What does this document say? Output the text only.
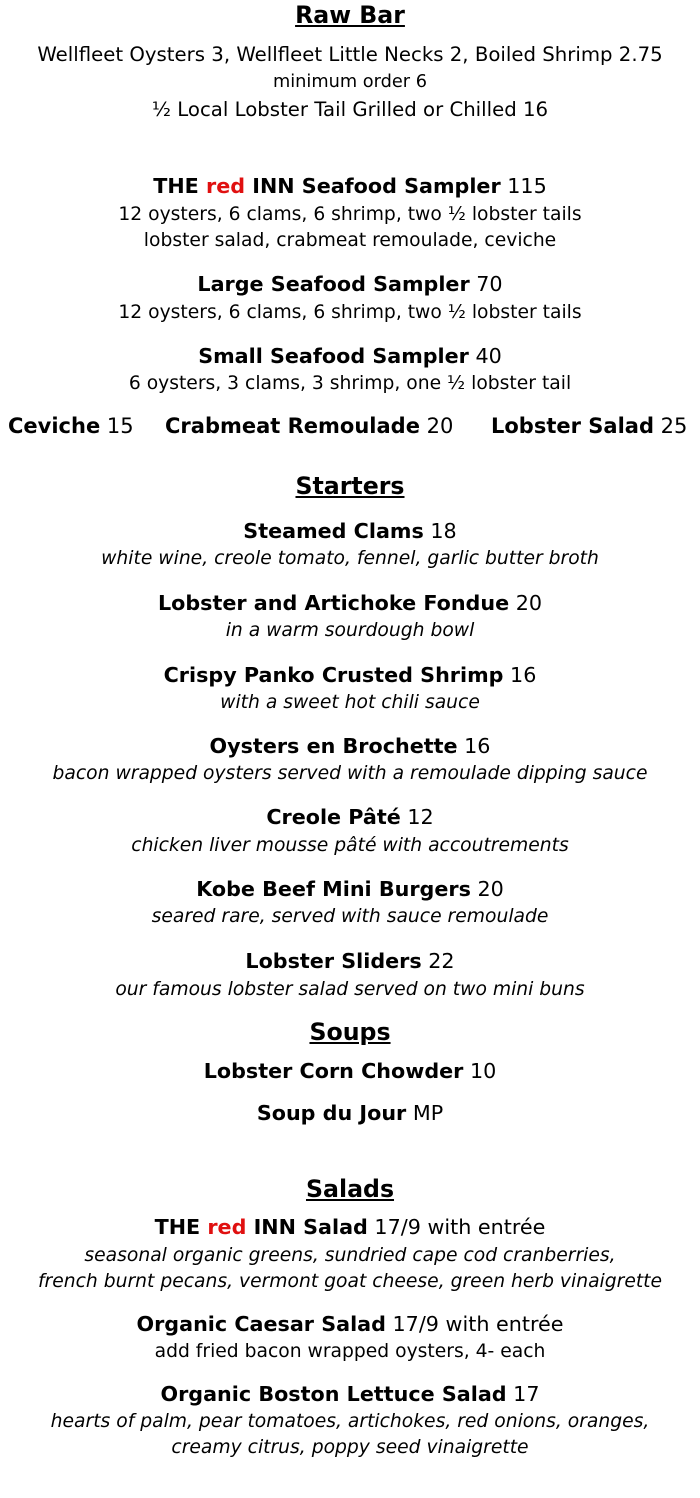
Raw Bar
Wellfleet Oysters 3, Wellfleet Little Necks 2, Boiled Shrimp 2.75
minimum order 6
½ Local Lobster Tail Grilled or Chilled 16
THE red INN Seafood Sampler 115
12 oysters, 6 clams, 6 shrimp, two ½ lobster tails
lobster salad, crabmeat remoulade, ceviche
Large Seafood Sampler 70
12 oysters, 6 clams, 6 shrimp, two ½ lobster tails
Small Seafood Sampler 40
6 oysters, 3 clams, 3 shrimp, one ½ lobster tail
Ceviche 15 Crabmeat Remoulade 20 Lobster Salad 25
Starters
Steamed Clams 18
white wine, creole tomato, fennel, garlic butter broth
Lobster and Artichoke Fondue 20
in a warm sourdough bowl
Crispy Panko Crusted Shrimp 16
with a sweet hot chili sauce
Oysters en Brochette 16
bacon wrapped oysters served with a remoulade dipping sauce
Creole Pâté 12
chicken liver mousse pâté with accoutrements
Kobe Beef Mini Burgers 20
seared rare, served with sauce remoulade
Lobster Sliders 22
our famous lobster salad served on two mini buns
Soups
Lobster Corn Chowder 10
Soup du Jour MP
Salads
THE red INN Salad 17/9 with entrée
seasonal organic greens, sundried cape cod cranberries,
french burnt pecans, vermont goat cheese, green herb vinaigrette
Organic Caesar Salad 17/9 with entrée
add fried bacon wrapped oysters, 4- each
Organic Boston Lettuce Salad 17
hearts of palm, pear tomatoes, artichokes, red onions, oranges,
creamy citrus, poppy seed vinaigrette
